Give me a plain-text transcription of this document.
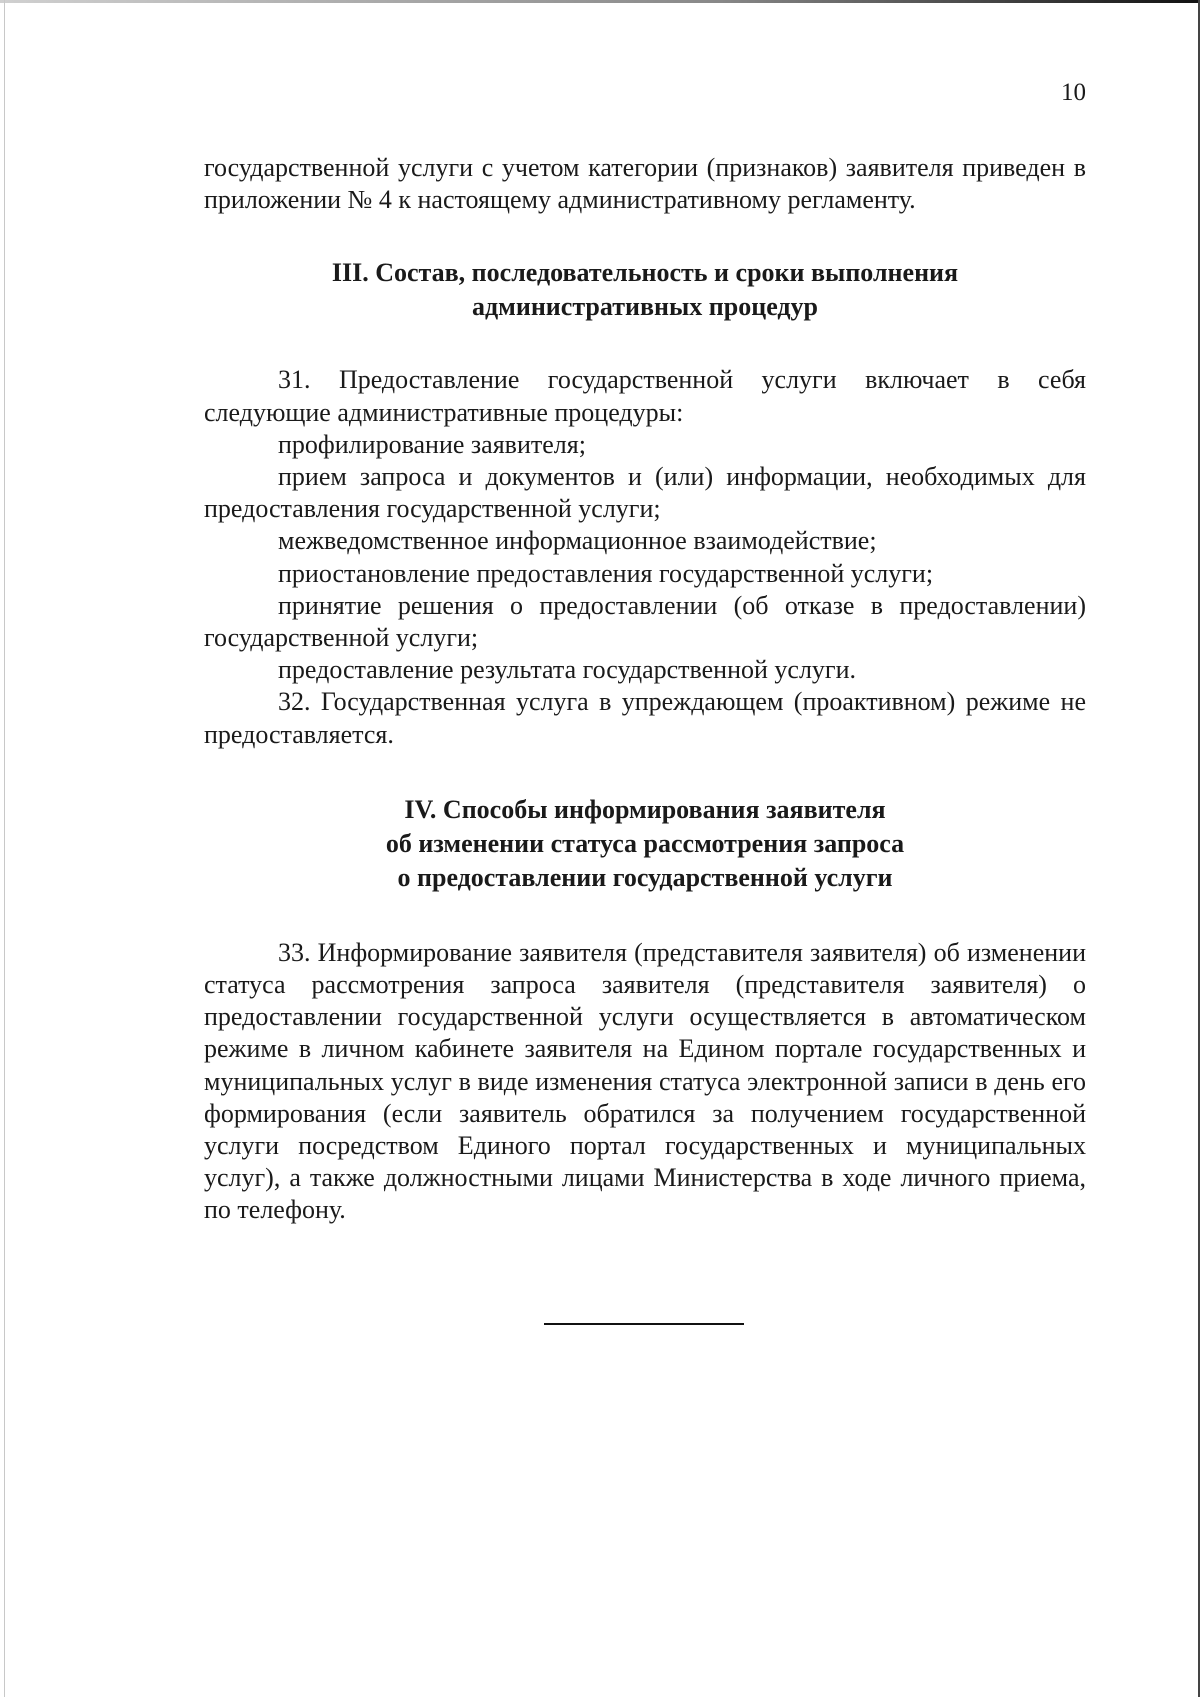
10

государственной услуги с учетом категории (признаков) заявителя приведен в приложении № 4 к настоящему административному регламенту.

III. Состав, последовательность и сроки выполнения
административных процедур

31. Предоставление государственной услуги включает в себя следующие административные процедуры:

профилирование заявителя;

прием запроса и документов и (или) информации, необходимых для предоставления государственной услуги;

межведомственное информационное взаимодействие;

приостановление предоставления государственной услуги;

принятие решения о предоставлении (об отказе в предоставлении) государственной услуги;

предоставление результата государственной услуги.

32. Государственная услуга в упреждающем (проактивном) режиме не предоставляется.

IV. Способы информирования заявителя
об изменении статуса рассмотрения запроса
о предоставлении государственной услуги

33. Информирование заявителя (представителя заявителя) об изменении статуса рассмотрения запроса заявителя (представителя заявителя) о предоставлении государственной услуги осуществляется в автоматическом режиме в личном кабинете заявителя на Едином портале государственных и муниципальных услуг в виде изменения статуса электронной записи в день его формирования (если заявитель обратился за получением государственной услуги посредством Единого портал государственных и муниципальных услуг), а также должностными лицами Министерства в ходе личного приема, по телефону.
